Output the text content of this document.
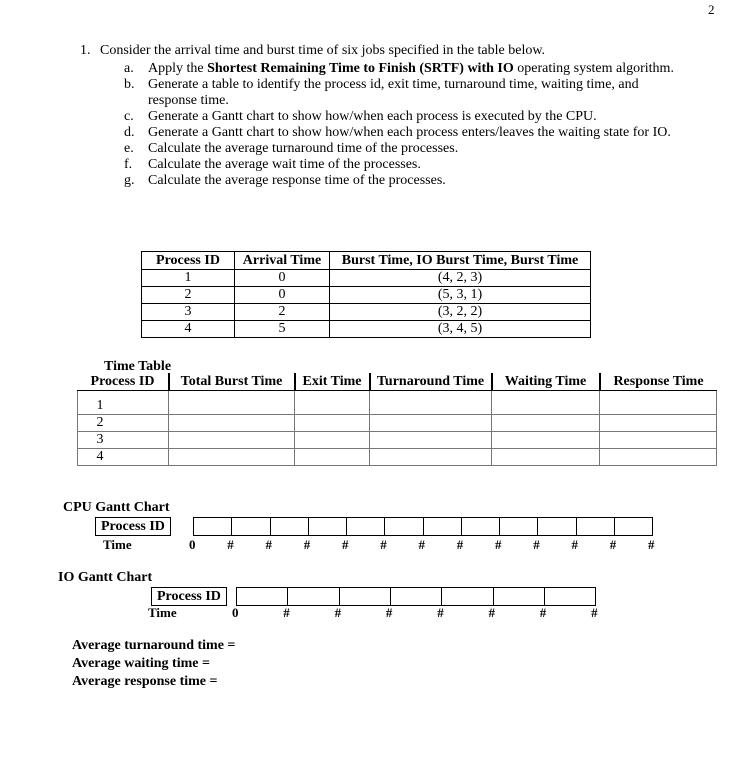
2
1. Consider the arrival time and burst time of six jobs specified in the table below.
a. Apply the Shortest Remaining Time to Finish (SRTF) with IO operating system algorithm.
b. Generate a table to identify the process id, exit time, turnaround time, waiting time, and response time.
c. Generate a Gantt chart to show how/when each process is executed by the CPU.
d. Generate a Gantt chart to show how/when each process enters/leaves the waiting state for IO.
e. Calculate the average turnaround time of the processes.
f. Calculate the average wait time of the processes.
g. Calculate the average response time of the processes.
Process ID	Arrival Time	Burst Time, IO Burst Time, Burst Time
1	0	(4, 2, 3)
2	0	(5, 3, 1)
3	2	(3, 2, 2)
4	5	(3, 4, 5)
Time Table
Process ID	Total Burst Time	Exit Time	Turnaround Time	Waiting Time	Response Time
1					
2					
3					
4					
CPU Gantt Chart
Process ID
Time	0 # # # # # # # # # # # #
IO Gantt Chart
Process ID
Time	0	#	#	#	#	#	#	#
Average turnaround time =
Average waiting time =
Average response time =
